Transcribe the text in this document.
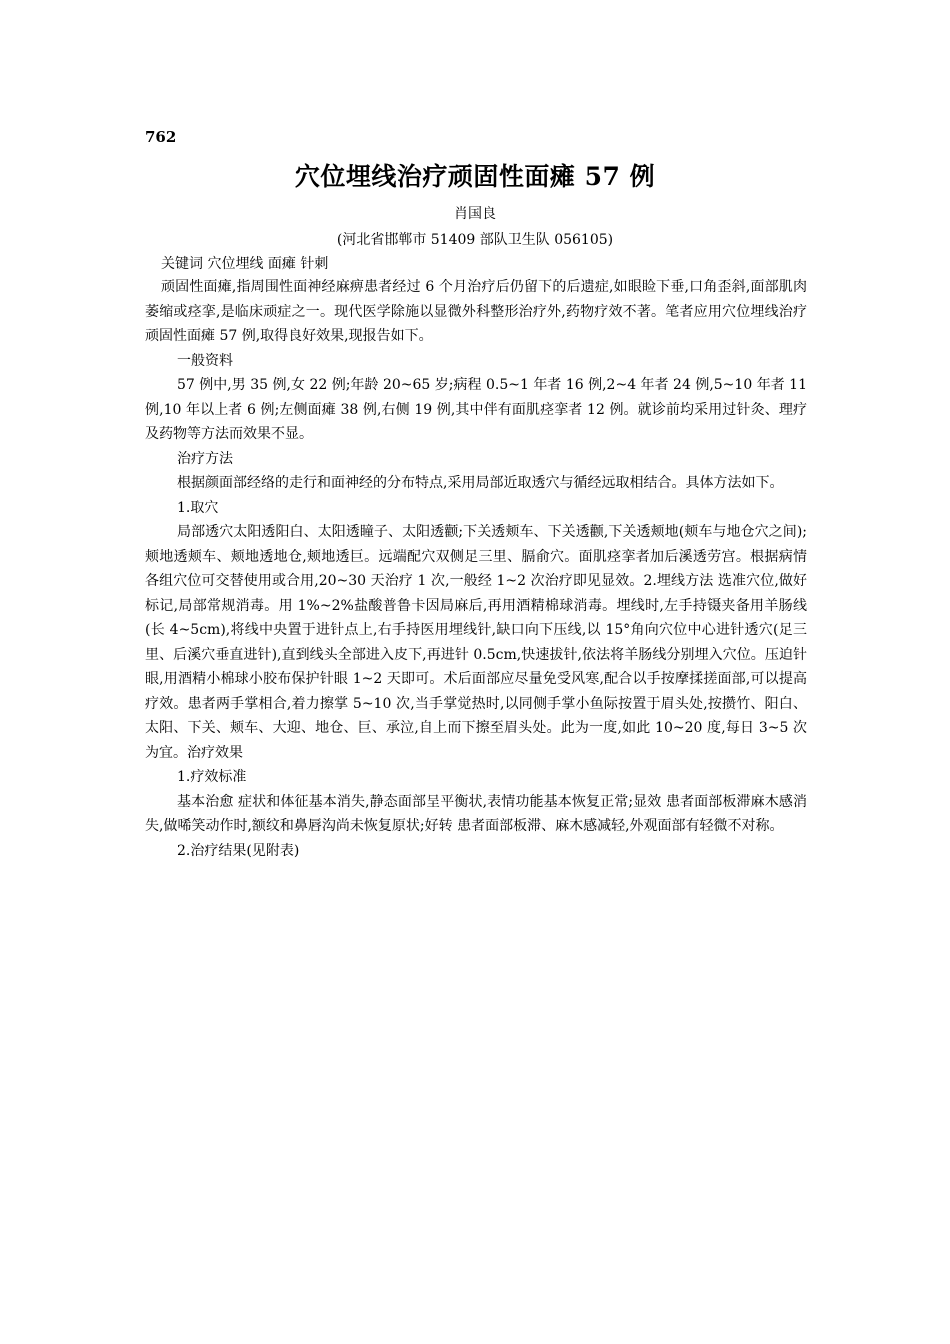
762
穴位埋线治疗顽固性面瘫 57 例
肖国良
(河北省邯郸市 51409 部队卫生队 056105)
关键词 穴位埋线 面瘫 针刺

顽固性面瘫,指周围性面神经麻痹患者经过 6 个月治疗后仍留下的后遗症,如眼睑下垂,口角歪斜,面部肌肉萎缩或痉挛,是临床顽症之一。现代医学除施以显微外科整形治疗外,药物疗效不著。笔者应用穴位埋线治疗顽固性面瘫 57 例,取得良好效果,现报告如下。

一般资料

57 例中,男 35 例,女 22 例;年龄 20~65 岁;病程 0.5~1 年者 16 例,2~4 年者 24 例,5~10 年者 11 例,10 年以上者 6 例;左侧面瘫 38 例,右侧 19 例,其中伴有面肌痉挛者 12 例。就诊前均采用过针灸、理疗及药物等方法而效果不显。

治疗方法

根据颜面部经络的走行和面神经的分布特点,采用局部近取透穴与循经远取相结合。具体方法如下。

1.取穴

局部透穴太阳透阳白、太阳透瞳子、太阳透颧;下关透颊车、下关透颧,下关透颊地(颊车与地仓穴之间);颊地透颊车、颊地透地仓,颊地透巨。远端配穴双侧足三里、膈俞穴。面肌痉挛者加后溪透劳宫。根据病情各组穴位可交替使用或合用,20~30 天治疗 1 次,一般经 1~2 次治疗即见显效。2.埋线方法 选准穴位,做好标记,局部常规消毒。用 1%~2%盐酸普鲁卡因局麻后,再用酒精棉球消毒。埋线时,左手持镊夹备用羊肠线(长 4~5cm),将线中央置于进针点上,右手持医用埋线针,缺口向下压线,以 15°角向穴位中心进针透穴(足三里、后溪穴垂直进针),直到线头全部进入皮下,再进针 0.5cm,快速拔针,依法将羊肠线分别埋入穴位。压迫针眼,用酒精小棉球小胶布保护针眼 1~2 天即可。术后面部应尽量免受风寒,配合以手按摩揉搓面部,可以提高疗效。患者两手掌相合,着力擦掌 5~10 次,当手掌觉热时,以同侧手掌小鱼际按置于眉头处,按攒竹、阳白、太阳、下关、颊车、大迎、地仓、巨、承泣,自上而下擦至眉头处。此为一度,如此 10~20 度,每日 3~5 次为宜。治疗效果

1.疗效标准

基本治愈 症状和体征基本消失,静态面部呈平衡状,表情功能基本恢复正常;显效 患者面部板滞麻木感消失,做唏笑动作时,额纹和鼻唇沟尚未恢复原状;好转 患者面部板滞、麻木感减轻,外观面部有轻微不对称。

2.治疗结果(见附表)
